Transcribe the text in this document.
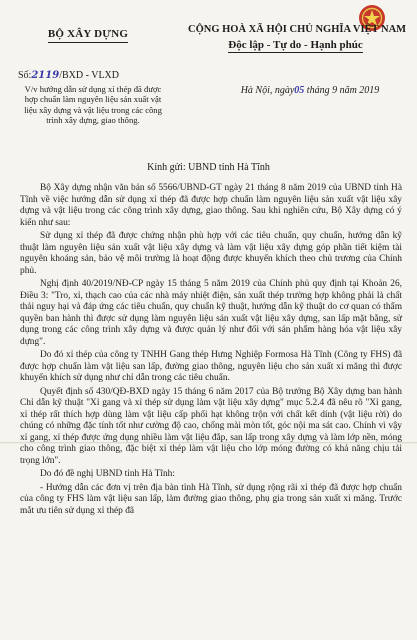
BỘ XÂY DỰNG	CỘNG HOÀ XÃ HỘI CHỦ NGHĨA VIỆT NAM
Độc lập - Tự do - Hạnh phúc
Số:2119/BXD - VLXD
V/v hướng dẫn sử dụng xỉ thép đã được hợp chuẩn làm nguyên liệu sản xuất vật liệu xây dựng và vật liệu trong các công trình xây dựng, giao thông.
Hà Nội, ngày05 tháng 9 năm 2019
Kính gửi: UBND tỉnh Hà Tĩnh

Bộ Xây dựng nhận văn bản số 5566/UBND-GT ngày 21 tháng 8 năm 2019 của UBND tỉnh Hà Tĩnh về việc hướng dẫn sử dụng xỉ thép đã được hợp chuẩn làm nguyên liệu sản xuất vật liệu xây dựng và vật liệu trong các công trình xây dựng, giao thông. Sau khi nghiên cứu, Bộ Xây dựng có ý kiến như sau:

Sử dụng xỉ thép đã được chứng nhận phù hợp với các tiêu chuẩn, quy chuẩn, hướng dẫn kỹ thuật làm nguyên liệu sản xuất vật liệu xây dựng và làm vật liệu xây dựng góp phần tiết kiệm tài nguyên khoáng sản, bảo vệ môi trường là hoạt động được khuyến khích theo chủ trương của Chính phủ.

Nghị định 40/2019/NĐ-CP ngày 15 tháng 5 năm 2019 của Chính phủ quy định tại Khoản 26, Điều 3: "Tro, xỉ, thạch cao của các nhà máy nhiệt điện, sản xuất thép trường hợp không phải là chất thải nguy hại và đáp ứng các tiêu chuẩn, quy chuẩn kỹ thuật, hướng dẫn kỹ thuật do cơ quan có thẩm quyền ban hành thì được sử dụng làm nguyên liệu sản xuất vật liệu xây dựng, san lấp mặt bằng, sử dụng trong các công trình xây dựng và được quản lý như đối với sản phẩm hàng hóa vật liệu xây dựng".

Do đó xỉ thép của công ty TNHH Gang thép Hưng Nghiệp Formosa Hà Tĩnh (Công ty FHS) đã được hợp chuẩn làm vật liệu san lấp, đường giao thông, nguyên liệu cho sản xuất xi măng thì được khuyến khích sử dụng như chỉ dẫn trong các tiêu chuẩn.

Quyết định số 430/QĐ-BXD ngày 15 tháng 6 năm 2017 của Bộ trưởng Bộ Xây dựng ban hành Chỉ dẫn kỹ thuật "Xỉ gang và xỉ thép sử dụng làm vật liệu xây dựng" mục 5.2.4 đã nêu rõ "Xỉ gang, xỉ thép rất thích hợp dùng làm vật liệu cấp phối hạt không trộn với chất kết dính (vật liệu rời) do chúng có những đặc tính tốt như cường độ cao, chống mài mòn tốt, góc nội ma sát cao. Chính vì vậy xỉ gang, xỉ thép được ứng dụng nhiều làm vật liệu đắp, san lấp trong xây dựng và làm lớp nền, móng cho công trình giao thông, đặc biệt xỉ thép làm vật liệu cho lớp móng đường có khả năng chịu tải trọng lớn".

Do đó đề nghị UBND tỉnh Hà Tĩnh:

- Hướng dẫn các đơn vị trên địa bàn tỉnh Hà Tĩnh, sử dụng rộng rãi xỉ thép đã được hợp chuẩn của công ty FHS làm vật liệu san lấp, làm đường giao thông, phụ gia trong sản xuất xi măng. Trước mắt ưu tiên sử dụng xỉ thép đã
